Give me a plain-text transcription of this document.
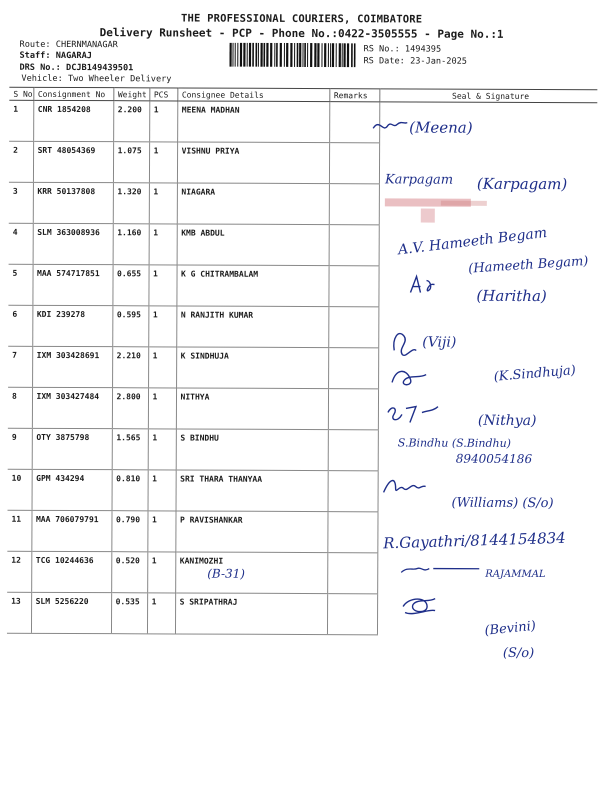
THE PROFESSIONAL COURIERS, COIMBATORE
Delivery Runsheet - PCP - Phone No.:0422-3505555 - Page No.:1
Route: CHERNMANAGAR
Staff: NAGARAJ
DRS No.: DCJB149439501
Vehicle: Two Wheeler Delivery
RS No.: 1494395
RS Date: 23-Jan-2025
S No	Consignment No	Weight	PCS	Consignee Details	Remarks	Seal & Signature
1	CNR 1854208	2.200	1	MEENA MADHAN		
2	SRT 48054369	1.075	1	VISHNU PRIYA		
3	KRR 50137808	1.320	1	NIAGARA		
4	SLM 363008936	1.160	1	KMB ABDUL		
5	MAA 574717851	0.655	1	K G CHITRAMBALAM		
6	KDI 239278	0.595	1	N RANJITH KUMAR		
7	IXM 303428691	2.210	1	K SINDHUJA		
8	IXM 303427484	2.800	1	NITHYA		
9	OTY 3875798	1.565	1	S BINDHU		
10	GPM 434294	0.810	1	SRI THARA THANYAA		
11	MAA 706079791	0.790	1	P RAVISHANKAR		
12	TCG 10244636	0.520	1	KANIMOZHI		
13	SLM 5256220	0.535	1	S SRIPATHRAJ		
(Meena)
Karpagam (Karpagam)
A.V. Hameeth Begam
(Hameeth Begam)
(Haritha)
(Viji)
(K.Sindhuja)
(Nithya)
S.Bindhu (S.Bindhu)
8940054186
(Williams) (S/o)
R.Gayathri/8144154834
(B-31)	RAJAMMAL
(Bevini)
(S/o)
